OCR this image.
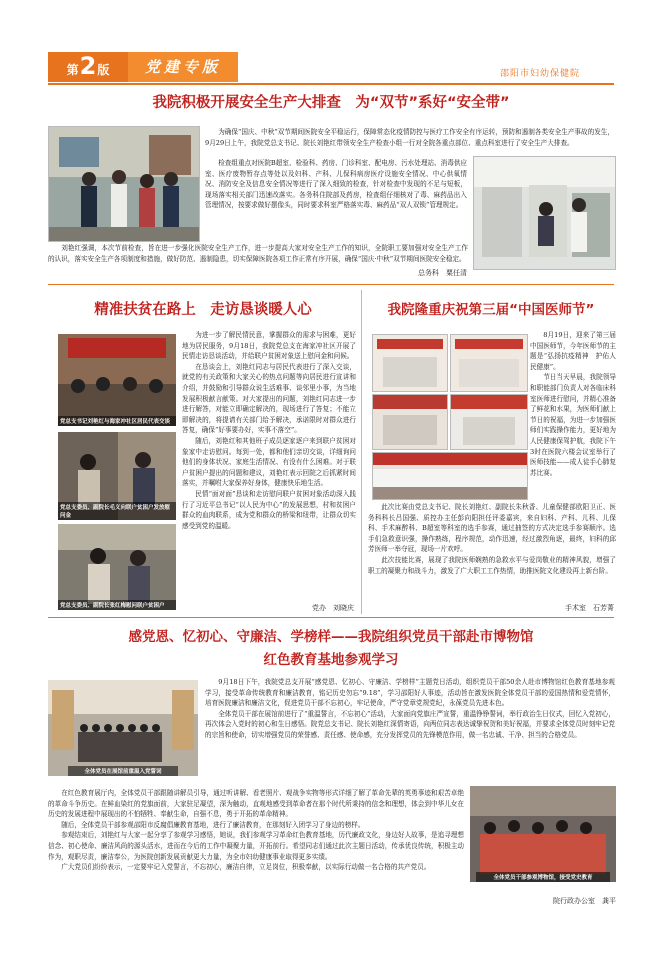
第 2 版	党建专版	邵阳市妇幼保健院
我院积极开展安全生产大排查　为“双节”系好“安全带”

为确保“国庆、中秋”双节期间医院安全平稳运行，保障常态化疫情防控与医疗工作安全有序运转，预防和遏制各类安全生产事故的发生，9月29日上午，我院党总支书记、院长刘艳红带领安全生产检查小组一行对全院各重点部位、重点科室进行了安全生产大排查。

检查组重点对医院B超室、检验科、药房、门诊科室、配电房、污水处理站、消毒供应室、医疗废物暂存点等处以及妇科、产科、儿保科病房医疗设施安全情况、中心供氧情况、消防安全及信息安全情况等进行了深入细致的检查，针对检查中发现的不足与短板，现场落实相关部门迅速改落实。各务科住院部及药房，检查组仔细核对了毒、麻药品出入管理情况，按要求做好摆像头，同时要求科室严格落实毒、麻药品“双人双锁”管理规定。

刘艳红强调，本次节前检查，旨在进一步强化医院安全生产工作，进一步提高大家对安全生产工作的知识，全院职工要加强对安全生产工作的认识，落实安全生产各项制度和措施，做好防范、遏制隐患，切实保障医院各项工作正常有序开展，确保“国庆·中秋”双节期间医院安全稳定。

总务科　粟任清
精准扶贫在路上　走访恳谈暖人心
党总支书记刘艳红与海家冲社区居民代表交谈
党总支委员、副院长毛义向联户贫困户发放慰问金
党总支委员、副院长张红梅慰问联户贫困户

为进一步了解民情民意，掌握群众的需求与困难，更好地为居民服务，9月18日，我院党总支在海家冲社区开展了民情走访恳谈活动，并给联户贫困对象送上慰问金和问候。

在恳谈会上，刘艳红同志与居民代表进行了深入交谈，就党的有关政策和大家关心的热点问题等向居民进行宣讲和介绍，并鼓励和引导群众说生活难事、谈邻里小事，为当地发展积极献言献策。对大家提出的问题，刘艳红同志进一步进行解答，对能立即确定解决的，现场进行了答复；不能立即解决的，将提请有关部门给予解决，承诺限时对群众进行答复，确保“好事要办好，实事不落空”。

随后，刘艳红和其他班子成员逐家逐户来到联户贫困对象家中走访慰问。每到一处，都和他们亲切交谈，详细询问他们的身体状况、家庭生活情况、有没有什么困难。对于联户贫困户提出的问题和建议，刘艳红表示回院之后抓紧时间落实，并嘱咐大家保养好身体，健康快乐地生活。

民情“面对面”恳谈和走访慰问联户贫困对象活动深入践行了习近平总书记“以人民为中心”的发展思想，村和贫困户群众的血肉联系，成为党和群众的桥梁和纽带，让群众切实感受到党的温暖。

党办　刘晓庆
我院隆重庆祝第三届“中国医师节”

8月19日，迎来了第三届中国医师节，今年医师节的主题是“弘扬抗疫精神　护佑人民健康”。

节日当天早晨，我院领导和职能部门负责人对各临床科室医师进行慰问，并精心准备了鲜花和水果，为医师们献上节日的祝福，为进一步加强医师们实践操作能力，更好地为人民健康保驾护航，我院下午3时在医院六楼会议室举行了医师技能——成人徒手心肺复苏比赛。

此次比赛由党总支书记、院长刘艳红、副院长朱秋香、儿童保健部欧阳卫正、医务科科长吕国强、质控办主任彭向阳担任评委嘉宾，来自妇科、产科、儿科、儿保科、手术麻醉科、B超室等科室的选手参赛，通过抽签的方式决定选手参赛顺序。选手们急救意识强，操作熟练，程序规范，动作迅速，经过激烈角逐，最终，妇科的邱芳医师一举夺冠，现场一片欢呼。

此次技能比赛，展现了我院医师娴熟的急救水平与爱岗敬业的精神风貌，增强了职工的凝聚力和战斗力，激发了广大职工工作热情，助推医院文化建设再上新台阶。

手术室　石芳菁
感党恩、忆初心、守廉洁、学榜样——我院组织党员干部赴市博物馆
红色教育基地参观学习

9月18日下午，我院党总支开展“感党恩、忆初心、守廉洁、学榜样”主题党日活动，组织党员干部50余人赴市博物馆红色教育基地参观学习，接受革命传统教育和廉洁教育，铭记历史勿忘“9.18”，学习邵阳好人事迹，活动旨在激发医院全体党员干部的爱国热情和爱党情怀，培育医院廉洁和廉洁文化，促进党员干部不忘初心，牢记使命，严守党章党规党纪，永葆党员先进本色。

全体党员干部在展馆前进行了“重温誓言，不忘初心”活动，大家面向党旗庄严宣誓，重温铮铮誓词，举行政治生日仪式，回忆入党初心，再次体会入党时的初心和生日感悟。院党总支书记、院长刘艳红深情寄语，向两位同志表达诚挚祝贺和美好祝福，并要求全体党员时刻牢记党的宗旨和使命，切实增强党员的荣誉感、责任感、使命感，充分发挥党员的先锋模范作用，做一名忠诚、干净、担当的合格党员。

全体党员在展馆前重温入党誓词

在红色教育展厅内，全体党员干部跟随讲解员引导，通过听讲解、看老照片、观战争实物等形式详细了解了革命先辈的英勇事迹和艰苦卓绝的革命斗争历史。在鲜血染红的党旗面前，大家驻足凝望，深为触动，直观地感受到革命者在那个时代所秉持的信念和理想，体会到中华儿女在历史的发展进程中展现出的不怕牺牲、奉献生命，自强不息，勇于开拓的革命精神。

随后，全体党员干部参观邵阳市反腐倡廉教育基地，进行了廉洁教育，在那刻好入团学习了身边的榜样。

参观结束后，刘艳红与大家一起分享了参观学习感悟，她说，我们参观学习革命红色教育基地，历代廉政文化，身边好人故事，是追寻理想信念、初心使命、廉洁风尚的源头活水，进而在今后的工作中凝聚力量，开拓前行。希望同志们通过此次主题日活动，传承优良传统，积极主动作为，观职尽责，廉洁奉公，为医院创新发展贡献更大力量，为全市妇幼健康事业取得更多实绩。

广大党员们纷纷表示，一定要牢记入党誓言，不忘初心，廉洁自律，立足岗位，积极奉献，以实际行动做一名合格的共产党员。

全体党员干部参观博物馆，接受党史教育
院行政办公室　龚平
